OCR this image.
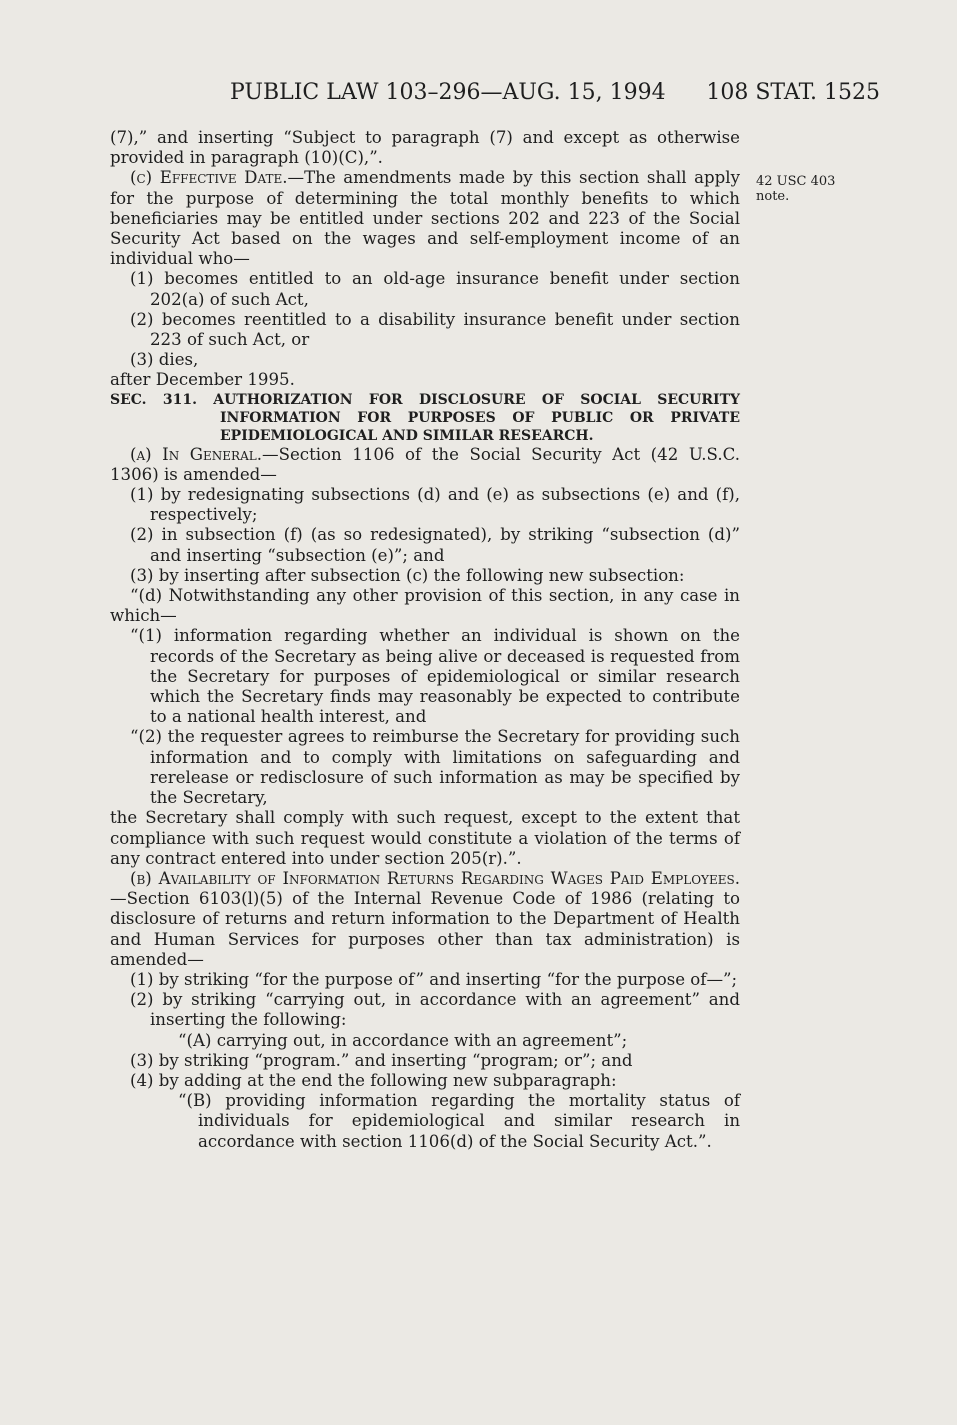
PUBLIC LAW 103–296—AUG. 15, 1994 108 STAT. 1525
42 USC 403
note.

(7),” and inserting “Subject to paragraph (7) and except as otherwise provided in paragraph (10)(C),”.

(c) Effective Date.—The amendments made by this section shall apply for the purpose of determining the total monthly benefits to which beneficiaries may be entitled under sections 202 and 223 of the Social Security Act based on the wages and self-employment income of an individual who—

(1) becomes entitled to an old-age insurance benefit under section 202(a) of such Act,

(2) becomes reentitled to a disability insurance benefit under section 223 of such Act, or

(3) dies,

after December 1995.

SEC. 311. AUTHORIZATION FOR DISCLOSURE OF SOCIAL SECURITY INFORMATION FOR PURPOSES OF PUBLIC OR PRIVATE EPIDEMIOLOGICAL AND SIMILAR RESEARCH.

(a) In General.—Section 1106 of the Social Security Act (42 U.S.C. 1306) is amended—

(1) by redesignating subsections (d) and (e) as subsections (e) and (f), respectively;

(2) in subsection (f) (as so redesignated), by striking “subsection (d)” and inserting “subsection (e)”; and

(3) by inserting after subsection (c) the following new subsection:

“(d) Notwithstanding any other provision of this section, in any case in which—

“(1) information regarding whether an individual is shown on the records of the Secretary as being alive or deceased is requested from the Secretary for purposes of epidemiological or similar research which the Secretary finds may reasonably be expected to contribute to a national health interest, and

“(2) the requester agrees to reimburse the Secretary for providing such information and to comply with limitations on safeguarding and rerelease or redisclosure of such information as may be specified by the Secretary,

the Secretary shall comply with such request, except to the extent that compliance with such request would constitute a violation of the terms of any contract entered into under section 205(r).”.

(b) Availability of Information Returns Regarding Wages Paid Employees.—Section 6103(l)(5) of the Internal Revenue Code of 1986 (relating to disclosure of returns and return information to the Department of Health and Human Services for purposes other than tax administration) is amended—

(1) by striking “for the purpose of” and inserting “for the purpose of—”;

(2) by striking “carrying out, in accordance with an agreement” and inserting the following:

“(A) carrying out, in accordance with an agreement”;

(3) by striking “program.” and inserting “program; or”; and

(4) by adding at the end the following new subparagraph:

“(B) providing information regarding the mortality status of individuals for epidemiological and similar research in accordance with section 1106(d) of the Social Security Act.”.
